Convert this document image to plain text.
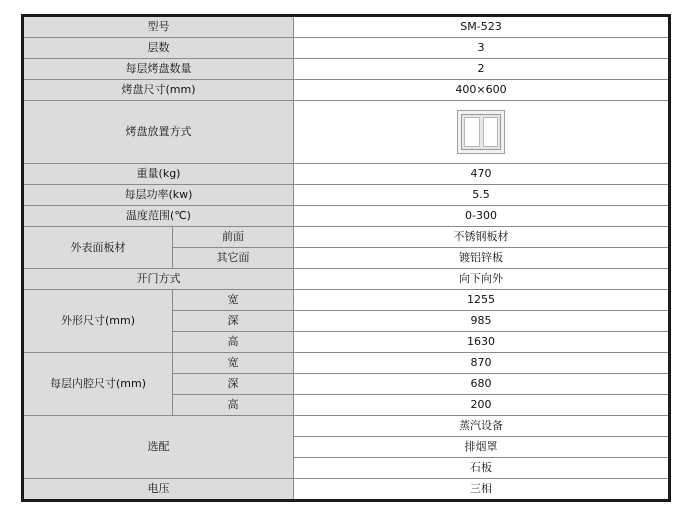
型号		SM-523
层数		3
每层烤盘数量		2
烤盘尺寸(mm)		400×600
烤盘放置方式		

重量(kg)		470
每层功率(kw)		5.5
温度范围(℃)		0-300
外表面板材	前面	不锈钢板材
	其它面	镀铝锌板
开门方式		向下向外
外形尺寸(mm)	宽	1255
	深	985
	高	1630
每层内腔尺寸(mm)	宽	870
	深	680
	高	200
选配		蒸汽设备
		排烟罩
		石板
电压		三相
